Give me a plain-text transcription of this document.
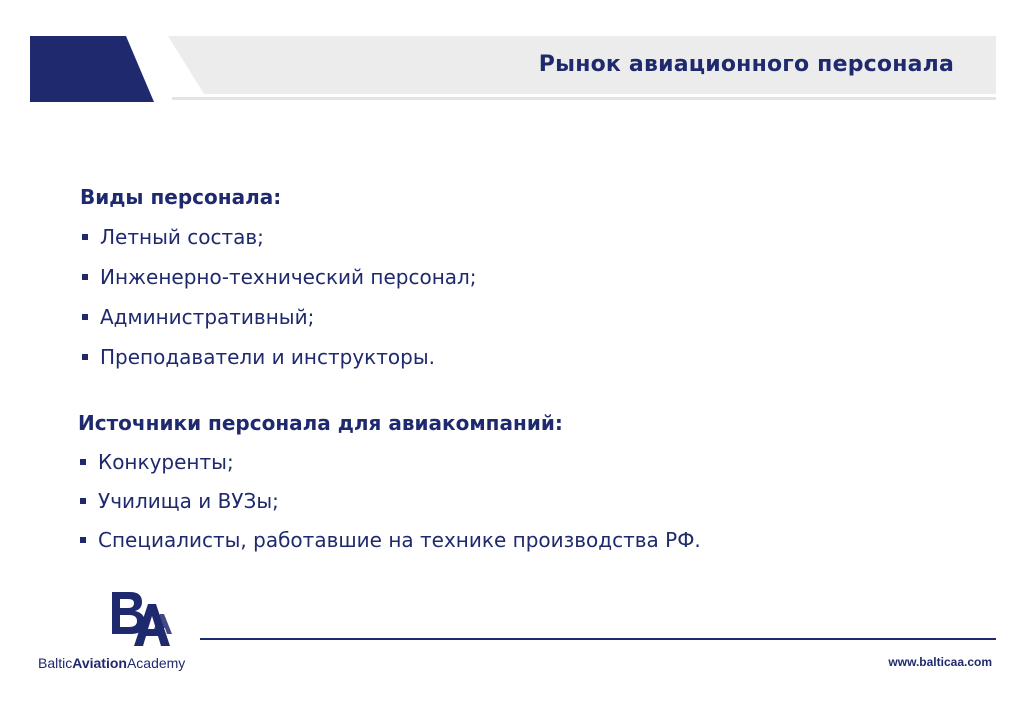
Рынок авиационного персонала

Виды персонала:

Летный состав;
Инженерно-технический персонал;
Административный;
Преподаватели и инструкторы.

Источники персонала для авиакомпаний:

Конкуренты;
Училища и ВУЗы;
Специалисты, работавшие на технике производства РФ.
BalticAviationAcademy	www.balticaa.com
